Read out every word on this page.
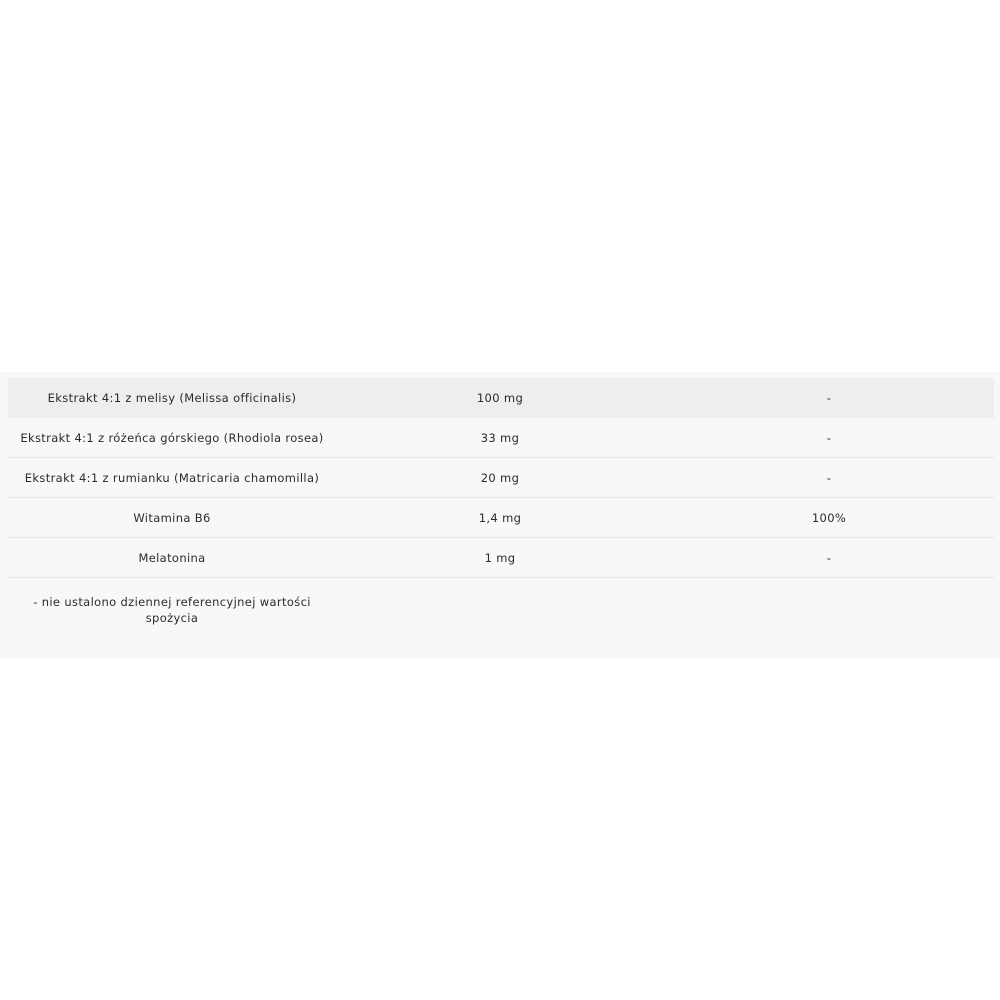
Ekstrakt 4:1 z melisy (Melissa officinalis)	100 mg	-
Ekstrakt 4:1 z różeńca górskiego (Rhodiola rosea)	33 mg	-
Ekstrakt 4:1 z rumianku (Matricaria chamomilla)	20 mg	-
Witamina B6	1,4 mg	100%
Melatonina	1 mg	-
- nie ustalono dziennej referencyjnej wartości
spożycia
